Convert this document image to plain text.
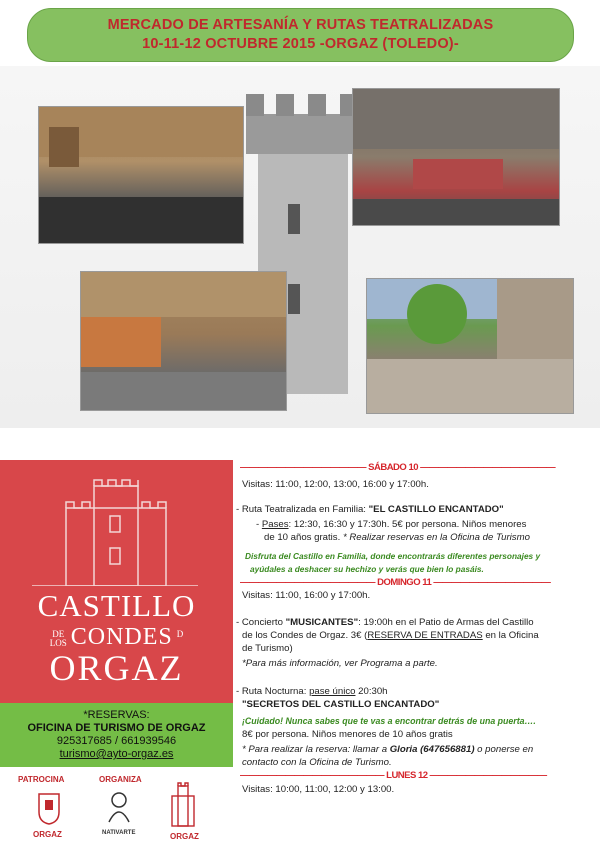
MERCADO DE ARTESANÍA Y RUTAS TEATRALIZADAS
10-11-12 OCTUBRE 2015 -ORGAZ (TOLEDO)-
CASTILLO
DE
LOS CONDES D
ORGAZ
*RESERVAS:
OFICINA DE TURISMO DE ORGAZ
925317685 / 661939546
turismo@ayto-orgaz.es
PATROCINA	ORGANIZA
ORGAZ	NATIVARTE	ORGAZ
—————————————— SÁBADO 10 ———————————————
Visitas: 11:00, 12:00, 13:00, 16:00 y 17:00h.
- Ruta Teatralizada en Familia: "EL CASTILLO ENCANTADO"
- Pases: 12:30, 16:30 y 17:30h. 5€ por persona. Niños menores
de 10 años gratis. * Realizar reservas en la Oficina de Turismo
Disfruta del Castillo en Familia, donde encontrarás diferentes personajes y
ayúdales a deshacer su hechizo y verás que bien lo pasáis.
——————————————— DOMINGO 11 —————————————
Visitas: 11:00, 16:00 y 17:00h.
- Concierto "MUSICANTES": 19:00h en el Patio de Armas del Castillo
de los Condes de Orgaz. 3€ (RESERVA DE ENTRADAS en la Oficina
de Turismo)
*Para más información, ver Programa a parte.
- Ruta Nocturna: pase único 20:30h
"SECRETOS DEL CASTILLO ENCANTADO"
¡Cuidado! Nunca sabes que te vas a encontrar detrás de una puerta….
8€ por persona. Niños menores de 10 años gratis
* Para realizar la reserva: llamar a Gloria (647656881) o ponerse en
contacto con la Oficina de Turismo.
———————————————— LUNES 12 —————————————
Visitas: 10:00, 11:00, 12:00 y 13:00.
